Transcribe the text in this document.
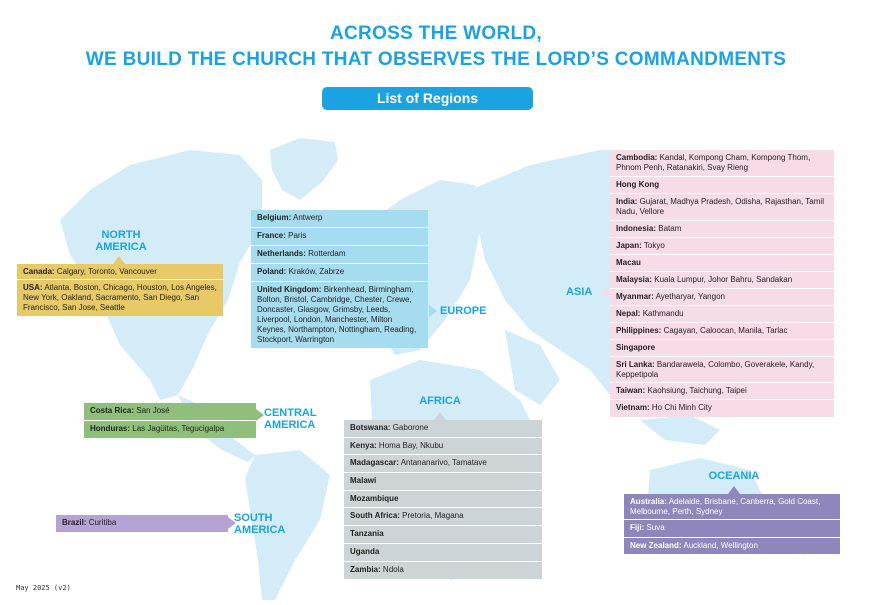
ACROSS THE WORLD,
WE BUILD THE CHURCH THAT OBSERVES THE LORD’S COMMANDMENTS
List of Regions
NORTH
AMERICA
Canada: Calgary, Toronto, Vancouver
USA: Atlanta, Boston, Chicago, Houston, Los Angeles, New York, Oakland, Sacramento, San Diego, San Francisco, San Jose, Seattle
Belgium: Antwerp
France: Paris
Netherlands: Rotterdam
Poland: Kraków, Zabrze
United Kingdom: Birkenhead, Birmingham, Bolton, Bristol, Cambridge, Chester, Crewe, Doncaster, Glasgow, Grimsby, Leeds, Liverpool, London, Manchester, Milton Keynes, Northampton, Nottingham, Reading, Stockport, Warrington
EUROPE
Costa Rica: San José
Honduras: Las Jagüitas, Tegucigalpa
CENTRAL
AMERICA
Brazil: Curitiba	SOUTH
AMERICA
AFRICA
Botswana: Gaborone
Kenya: Homa Bay, Nkubu
Madagascar: Antananarivo, Tamatave
Malawi
Mozambique
South Africa: Pretoria, Magana
Tanzania
Uganda
Zambia: Ndola
ASIA
Cambodia: Kandal, Kompong Cham, Kompong Thom, Phnom Penh, Ratanakiri, Svay Rieng
Hong Kong
India: Gujarat, Madhya Pradesh, Odisha, Rajasthan, Tamil Nadu, Vellore
Indonesia: Batam
Japan: Tokyo
Macau
Malaysia: Kuala Lumpur, Johor Bahru, Sandakan
Myanmar: Ayetharyar, Yangon
Nepal: Kathmandu
Philippines: Cagayan, Caloocan, Manila, Tarlac
Singapore
Sri Lanka: Bandarawela, Colombo, Goverakele, Kandy, Keppetipola
Taiwan: Kaohsiung, Taichung, Taipei
Vietnam: Ho Chi Minh City
OCEANIA
Australia: Adelaide, Brisbane, Canberra, Gold Coast, Melbourne, Perth, Sydney
Fiji: Suva
New Zealand: Auckland, Wellington
May 2025 (v2)
